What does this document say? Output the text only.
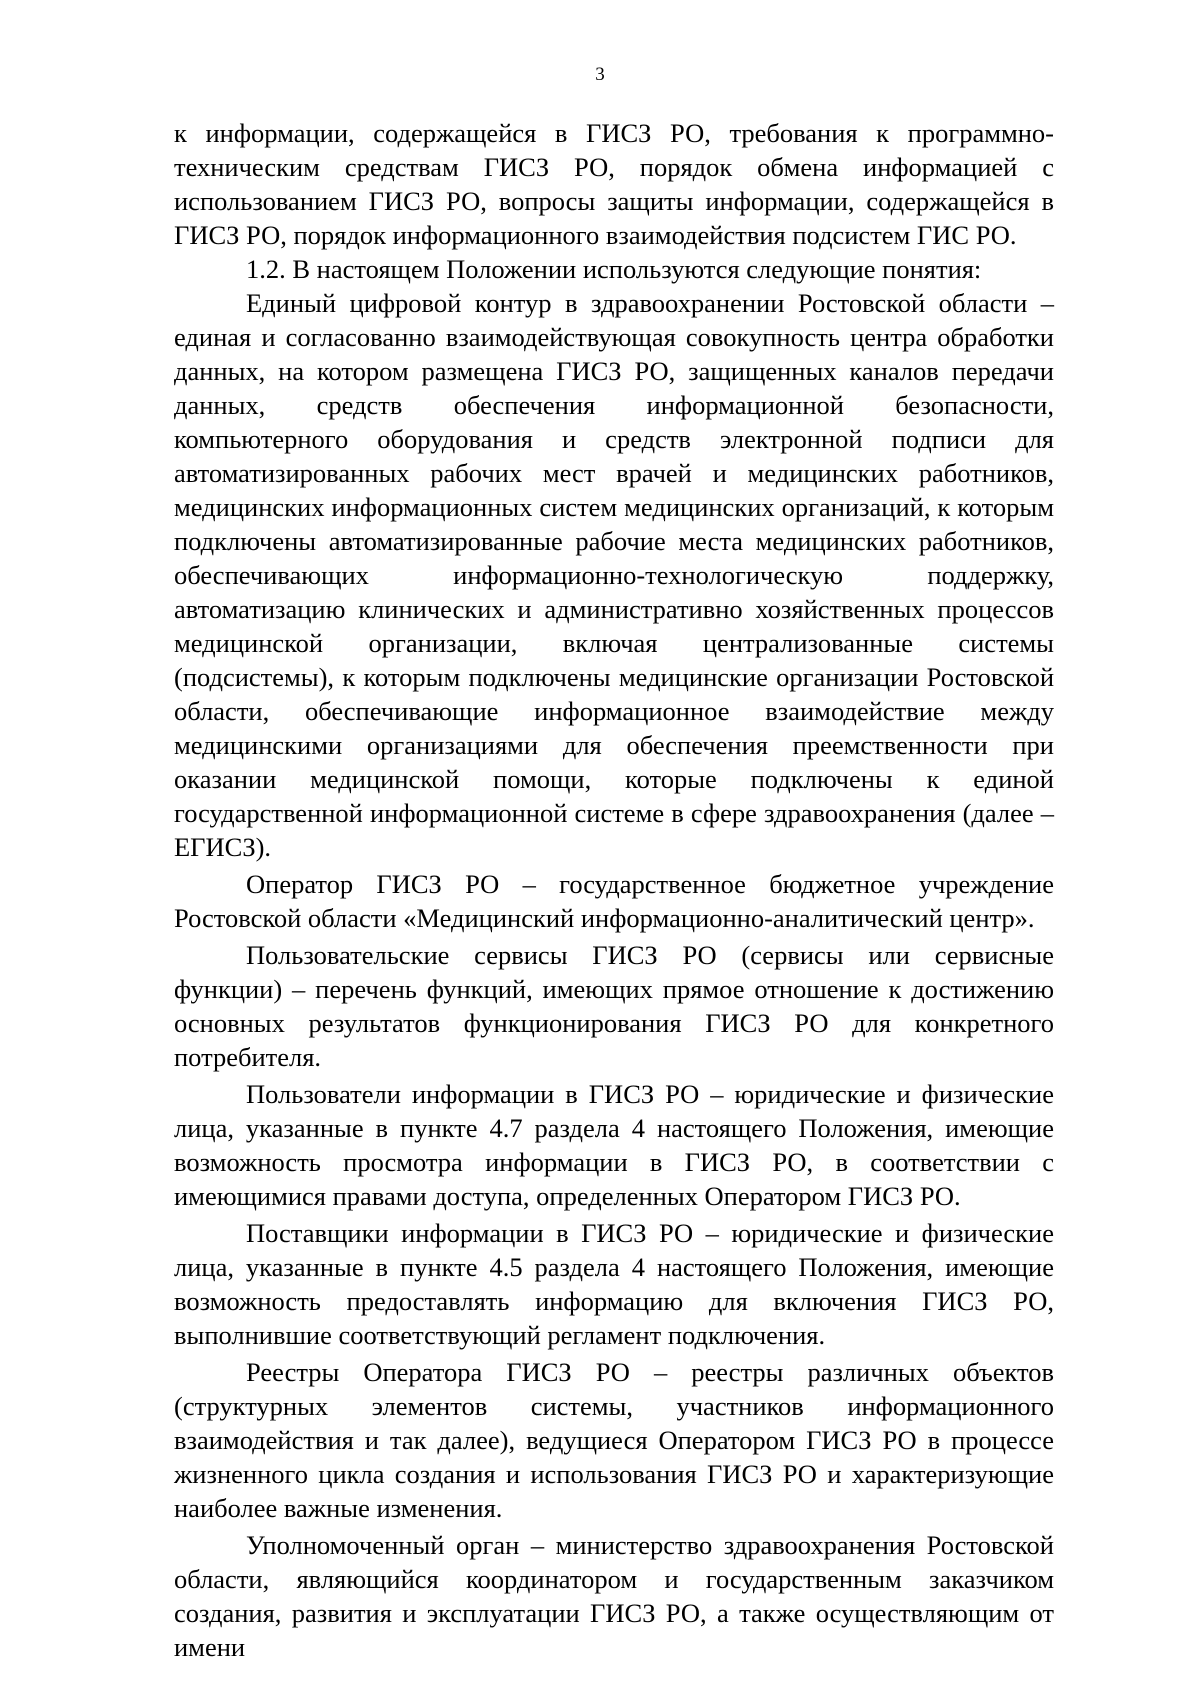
3

к информации, содержащейся в ГИСЗ РО, требования к программно-техническим средствам ГИСЗ РО, порядок обмена информацией с использованием ГИСЗ РО, вопросы защиты информации, содержащейся в ГИСЗ РО, порядок информационного взаимодействия подсистем ГИС РО.

1.2. В настоящем Положении используются следующие понятия:

Единый цифровой контур в здравоохранении Ростовской области – единая и согласованно взаимодействующая совокупность центра обработки данных, на котором размещена ГИСЗ РО, защищенных каналов передачи данных, средств обеспечения информационной безопасности, компьютерного оборудования и средств электронной подписи для автоматизированных рабочих мест врачей и медицинских работников, медицинских информационных систем медицинских организаций, к которым подключены автоматизированные рабочие места медицинских работников, обеспечивающих информационно-технологическую поддержку, автоматизацию клинических и административно хозяйственных процессов медицинской организации, включая централизованные системы (подсистемы), к которым подключены медицинские организации Ростовской области, обеспечивающие информационное взаимодействие между медицинскими организациями для обеспечения преемственности при оказании медицинской помощи, которые подключены к единой государственной информационной системе в сфере здравоохранения (далее – ЕГИСЗ).

Оператор ГИСЗ РО – государственное бюджетное учреждение Ростовской области «Медицинский информационно-аналитический центр».

Пользовательские сервисы ГИСЗ РО (сервисы или сервисные функции) – перечень функций, имеющих прямое отношение к достижению основных результатов функционирования ГИСЗ РО для конкретного потребителя.

Пользователи информации в ГИСЗ РО – юридические и физические лица, указанные в пункте 4.7 раздела 4 настоящего Положения, имеющие возможность просмотра информации в ГИСЗ РО, в соответствии с имеющимися правами доступа, определенных Оператором ГИСЗ РО.

Поставщики информации в ГИСЗ РО – юридические и физические лица, указанные в пункте 4.5 раздела 4 настоящего Положения, имеющие возможность предоставлять информацию для включения ГИСЗ РО, выполнившие соответствующий регламент подключения.

Реестры Оператора ГИСЗ РО – реестры различных объектов (структурных элементов системы, участников информационного взаимодействия и так далее), ведущиеся Оператором ГИСЗ РО в процессе жизненного цикла создания и использования ГИСЗ РО и характеризующие наиболее важные изменения.

Уполномоченный орган – министерство здравоохранения Ростовской области, являющийся координатором и государственным заказчиком создания, развития и эксплуатации ГИСЗ РО, а также осуществляющим от имени
